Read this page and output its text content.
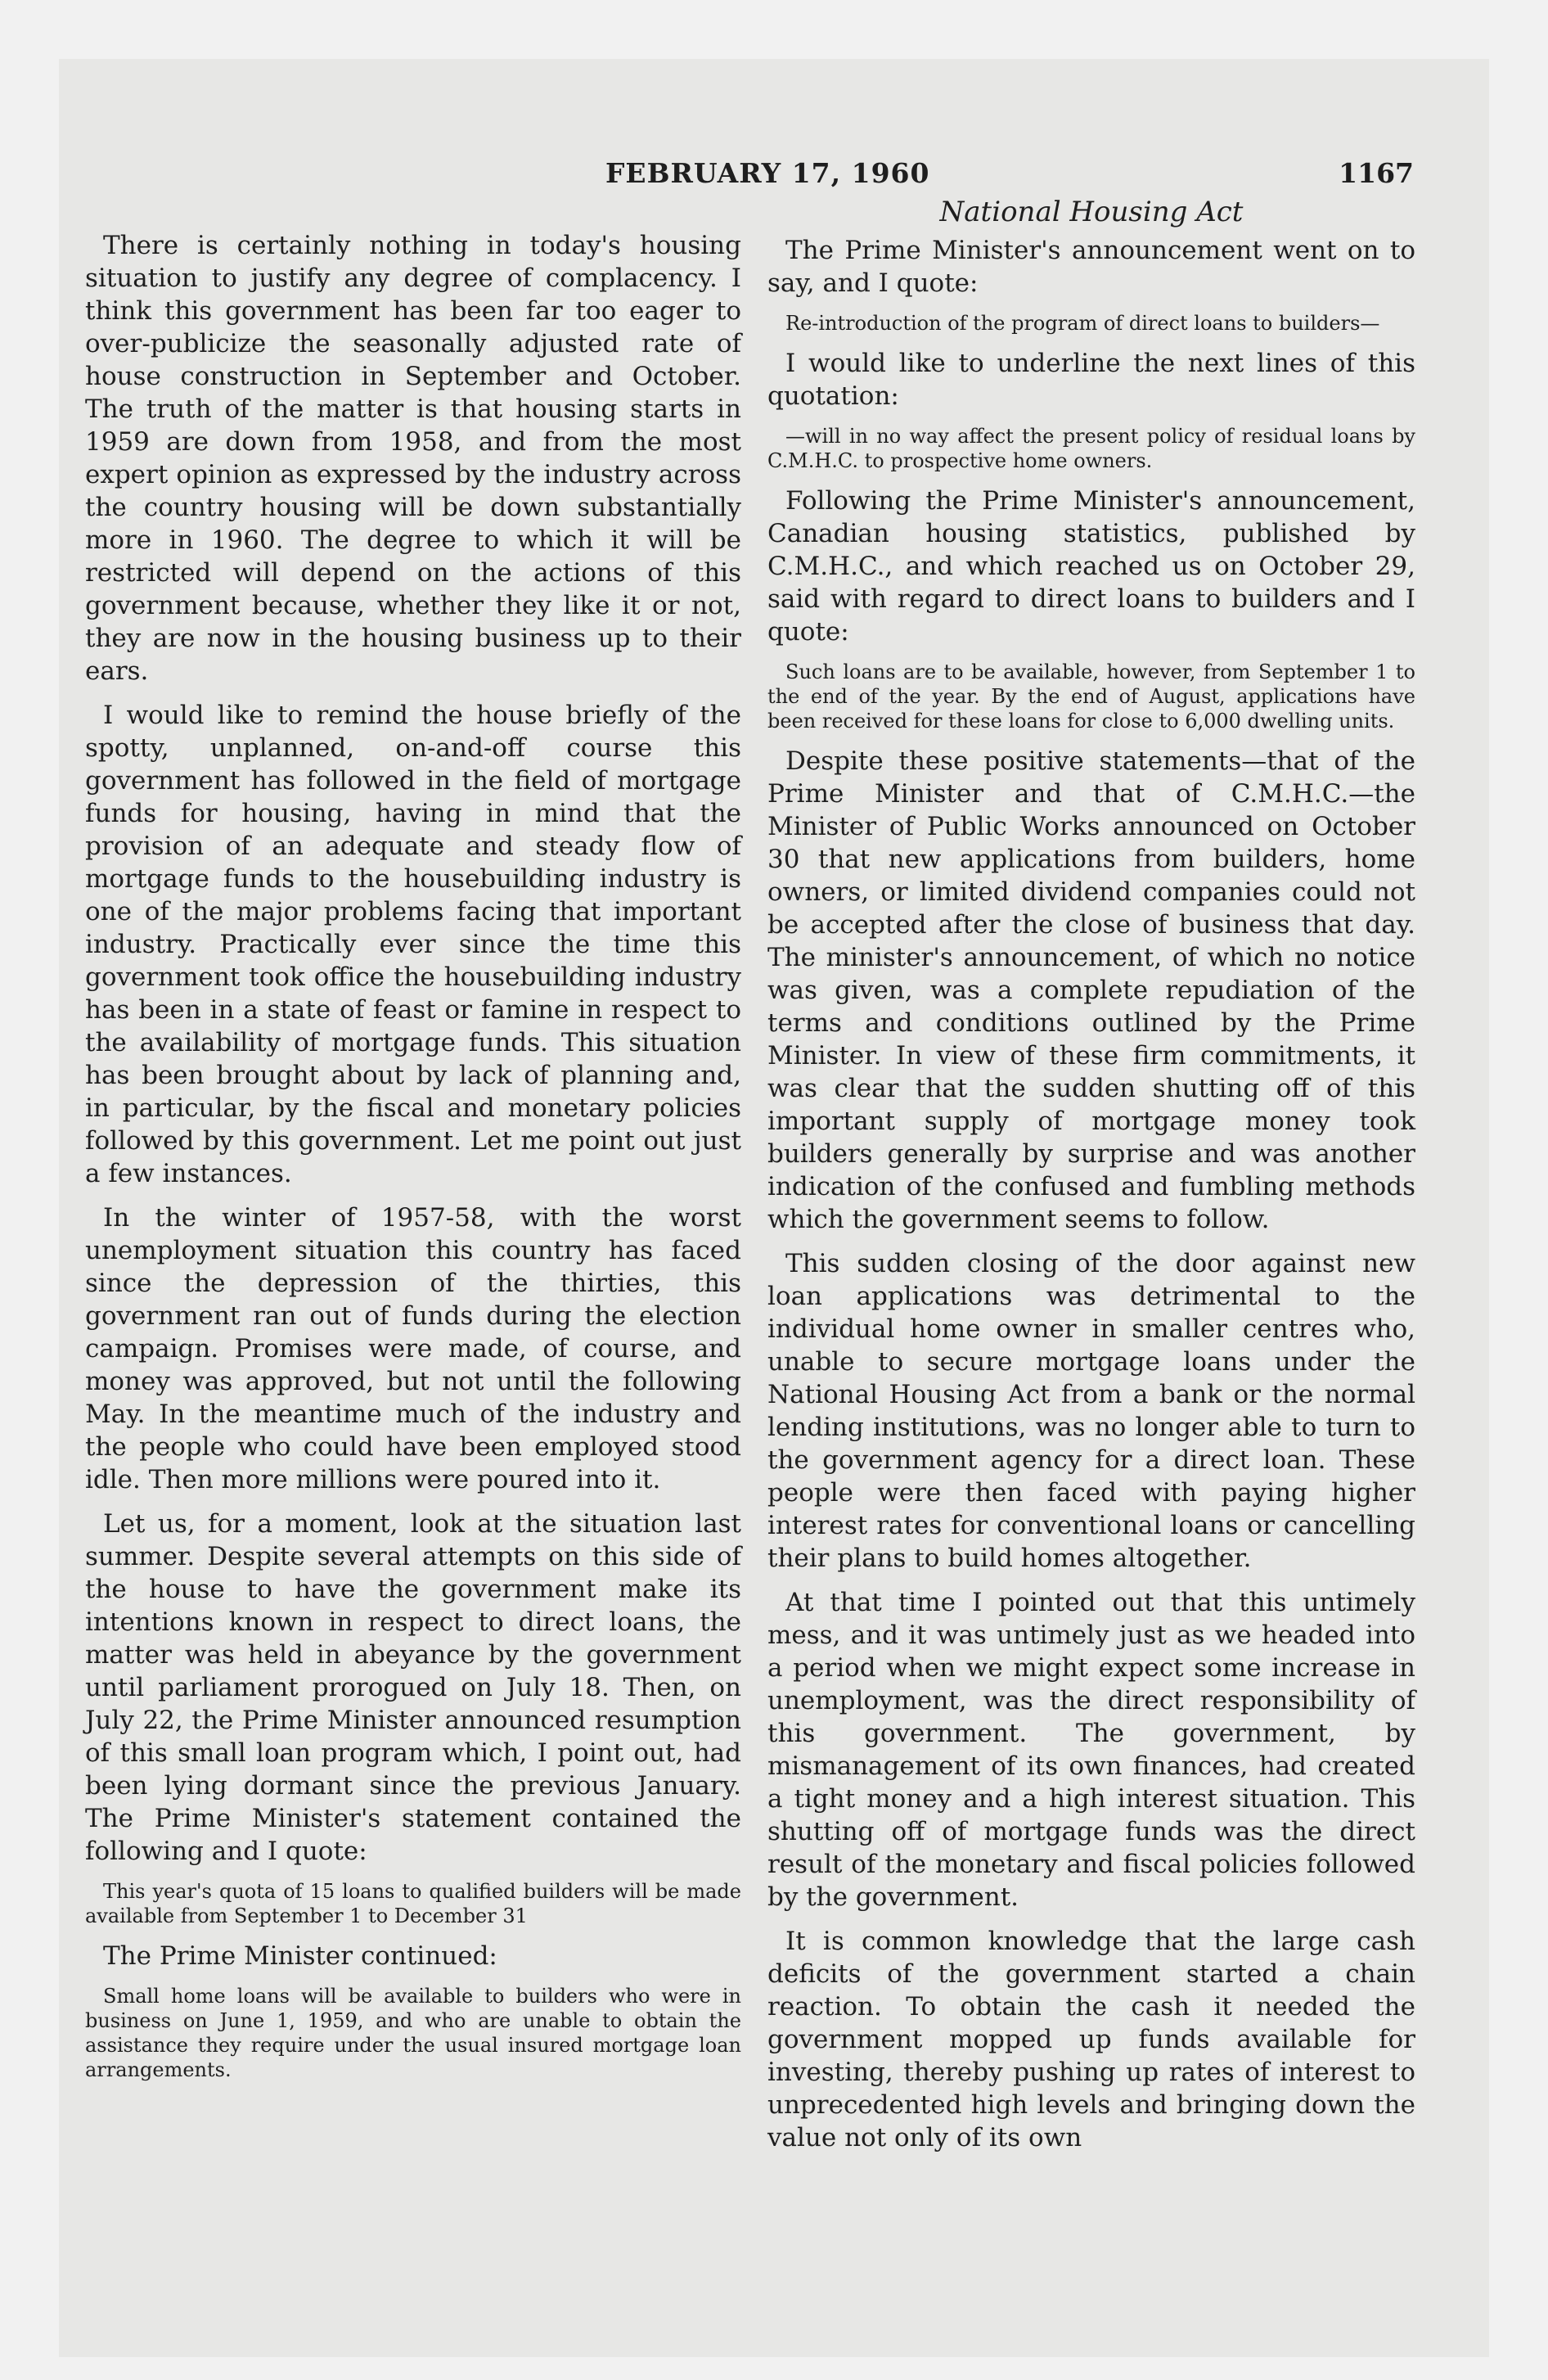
FEBRUARY 17, 1960	1167

There is certainly nothing in today's housing situation to justify any degree of complacency. I think this government has been far too eager to over-publicize the seasonally adjusted rate of house construction in September and October. The truth of the matter is that housing starts in 1959 are down from 1958, and from the most expert opinion as expressed by the industry across the country housing will be down substantially more in 1960. The degree to which it will be restricted will depend on the actions of this government because, whether they like it or not, they are now in the housing business up to their ears.

I would like to remind the house briefly of the spotty, unplanned, on-and-off course this government has followed in the field of mortgage funds for housing, having in mind that the provision of an adequate and steady flow of mortgage funds to the housebuilding industry is one of the major problems facing that important industry. Practically ever since the time this government took office the housebuilding industry has been in a state of feast or famine in respect to the availability of mortgage funds. This situation has been brought about by lack of planning and, in particular, by the fiscal and monetary policies followed by this government. Let me point out just a few instances.

In the winter of 1957-58, with the worst unemployment situation this country has faced since the depression of the thirties, this government ran out of funds during the election campaign. Promises were made, of course, and money was approved, but not until the following May. In the meantime much of the industry and the people who could have been employed stood idle. Then more millions were poured into it.

Let us, for a moment, look at the situation last summer. Despite several attempts on this side of the house to have the government make its intentions known in respect to direct loans, the matter was held in abeyance by the government until parliament prorogued on July 18. Then, on July 22, the Prime Minister announced resumption of this small loan program which, I point out, had been lying dormant since the previous January. The Prime Minister's statement contained the following and I quote:

This year's quota of 15 loans to qualified builders will be made available from September 1 to December 31

The Prime Minister continued:

Small home loans will be available to builders who were in business on June 1, 1959, and who are unable to obtain the assistance they require under the usual insured mortgage loan arrangements.

National Housing Act

The Prime Minister's announcement went on to say, and I quote:

Re-introduction of the program of direct loans to builders—

I would like to underline the next lines of this quotation:

—will in no way affect the present policy of residual loans by C.M.H.C. to prospective home owners.

Following the Prime Minister's announcement, Canadian housing statistics, published by C.M.H.C., and which reached us on October 29, said with regard to direct loans to builders and I quote:

Such loans are to be available, however, from September 1 to the end of the year. By the end of August, applications have been received for these loans for close to 6,000 dwelling units.

Despite these positive statements—that of the Prime Minister and that of C.M.H.C.—the Minister of Public Works announced on October 30 that new applications from builders, home owners, or limited dividend companies could not be accepted after the close of business that day. The minister's announcement, of which no notice was given, was a complete repudiation of the terms and conditions outlined by the Prime Minister. In view of these firm commitments, it was clear that the sudden shutting off of this important supply of mortgage money took builders generally by surprise and was another indication of the confused and fumbling methods which the government seems to follow.

This sudden closing of the door against new loan applications was detrimental to the individual home owner in smaller centres who, unable to secure mortgage loans under the National Housing Act from a bank or the normal lending institutions, was no longer able to turn to the government agency for a direct loan. These people were then faced with paying higher interest rates for conventional loans or cancelling their plans to build homes altogether.

At that time I pointed out that this untimely mess, and it was untimely just as we headed into a period when we might expect some increase in unemployment, was the direct responsibility of this government. The government, by mismanagement of its own finances, had created a tight money and a high interest situation. This shutting off of mortgage funds was the direct result of the monetary and fiscal policies followed by the government.

It is common knowledge that the large cash deficits of the government started a chain reaction. To obtain the cash it needed the government mopped up funds available for investing, thereby pushing up rates of interest to unprecedented high levels and bringing down the value not only of its own
